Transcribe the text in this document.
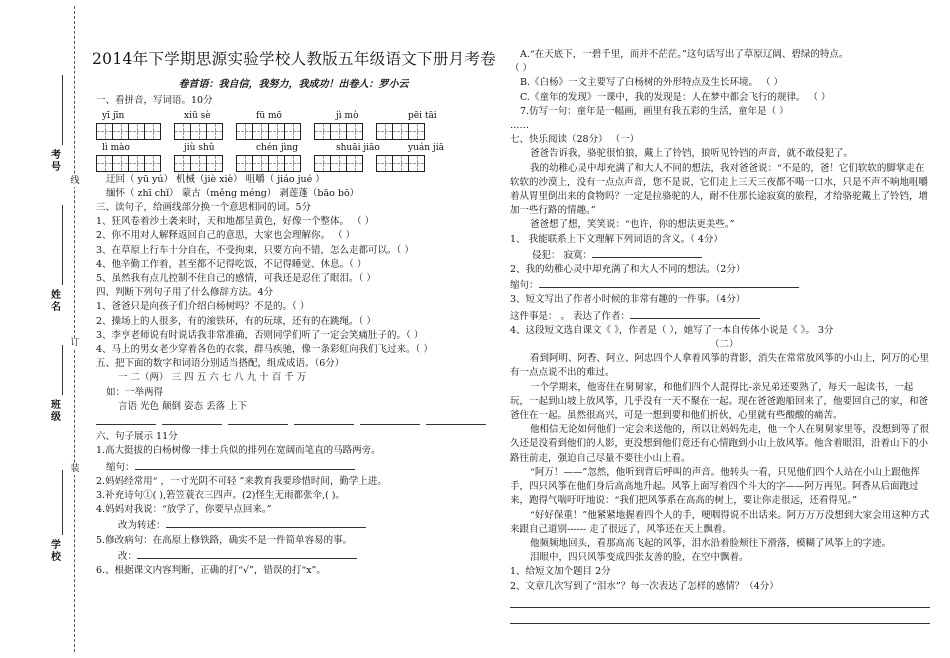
考号
姓名
班级
学校
线
订
装
2014年下学期思源实验学校人教版五年级语文下册月考卷
卷首语：我自信，我努力，我成功！出卷人：罗小云
一、看拼音，写词语。10分
yī jīn	xiū sè	fū mō	jì mò	pēi tāi
lì mào	jiù shǔ	chén jìng	shuāi jiāo	yuán jiā
迂回（ yū yú） 机械（jiè xiè） 咀嚼（ jiáo jué ）
缅怀（ zhī chǐ） 蒙古（měng méng） 剥莲蓬（bāo bō）
三、读句子，给画线部分换一个意思相同的词。5分
1、狂风卷着沙土袭来时，天和地都呈黄色，好像一个整体。 （ ）
2、你不用对人解释返回自己的意思，大家也会理解你。 （ ）
3、在草原上行车十分自在，不受拘束，只要方向不错，怎么走都可以。（ ）
4、他辛勤工作着，甚至都不记得吃饭，不记得睡觉、休息。（ ）
5、虽然我有点儿控制不住自己的感情，可我还是忍住了眼泪。（ ）
四、判断下列句子用了什么修辞方法。4分
1、爸爸只是向孩子们介绍白杨树吗？不是的。（ ）
2、操场上的人很多，有的滚铁环，有的玩球，还有的在跳绳。（ ）
3、李亨老师说有时说话我非常准确，否则同学们听了一定会笑痛肚子的。（ ）
4、马上的男女老少穿着各色的衣裳，群马疾驰，像一条彩虹向我们飞过来。（ ）
五、把下面的数字和词语分别适当搭配，组成成语。（6分）
一 二（两） 三 四 五 六 七 八 九 十 百 千 万
如：一举两得
言语 光色 颠倒 姿态 丢落 上下

六、句子展示 11分
1.高大挺拔的白杨树像一排士兵似的排列在宽阔而笔直的马路两旁。
缩句：
2.妈妈经常用“ ，一寸光阴不可轻 ”来教育我要珍惜时间，勤学上进。
3.补充诗句①( ),箬笠蓑衣三四声。(2)怪生无雨都张伞,( )。
4.妈妈对我说：“放学了，你要早点回来。”
改为转述：
5.修改病句：在高原上修铁路，确实不是一件简单容易的事。
改：
6.、根据课文内容判断，正确的打“√”，错误的打“x”。
A.“在天底下，一碧千里，而并不茫茫。”这句话写出了草原辽阔、碧绿的特点。
（ ）
B.《白杨》一文主要写了白杨树的外形特点及生长环境。 （ ）
C.《童年的发现》一课中，我的发现是：人在梦中都会飞行的规律。 （ ）
7.仿写一句：童年是一幅画，画里有我五彩的生活，童年是（ ）
……
七、快乐阅读（28分） （一）
爸爸告诉我，骆驼很怕狼，戴上了铃铛，狼听见铃铛的声音，就不敢侵犯了。
我的幼稚心灵中却充满了和大人不同的想法，我对爸爸说：“不是的，爸！它们软软的脚掌走在软软的沙漠上，没有一点点声音，您不是说，它们走上三天三夜都不喝一口水，只是不声不响地咀嚼着从胃里倒出来的食物吗？一定是拉骆驼的人，耐不住那长途寂寞的旅程，才给骆驼戴上了铃铛，增加一些行路的情趣。”
爸爸想了想，笑笑说：“也许，你的想法更美些。”
1、 我能联系上下文理解下列词语的含义。（ 4分）
侵犯： 寂寞：
2、我的幼稚心灵中却充满了和大人不同的想法。（2分）
缩句：
3、短文写出了作者小时候的非常有趣的一件事。（4分）
这件事是： 。 表达了作者：
4、这段短文选自课文《 》，作者是（ ），她写了一本自传体小说是《 》。 3分
（二）
看到阿明、阿香、阿立、阿忠四个人拿着风筝的背影，消失在常常放风筝的小山上，阿万的心里有一点点说不出的难过。
一个学期来，他寄住在舅舅家，和他们四个人混得比-亲兄弟还要熟了，每天一起读书，一起玩，一起到山坡上放风筝，几乎没有一天不聚在一起。现在爸爸跑船回来了，他要回自己的家，和爸爸住在一起。虽然很高兴，可是一想到要和他们折伙，心里就有些酸酸的痛苦。
他相信无论如何他们一定会来送他的，所以让妈妈先走，他一个人在舅舅家里等，没想到等了很久还是没看到他们的人影，更没想到他们竟还有心情跑到小山上放风筝。他含着眼泪，沿着山下的小路往前走，强迫自己尽量不要往小山上看。
“阿万！——”忽然，他听到背后呼叫的声音。他转头一看，只见他们四个人站在小山上跟他挥手，四只风筝在他们身后高高地升起。风筝上面写着四个斗大的字——阿万再见。阿香从后面跑过来，跑得气喘吁吁地说：“我们把风筝系在高高的树上，要让你走很远，还看得见。”
“好好保重！”他紧紧地握着四个人的手，哽咽得说不出话来。阿万万万没想到大家会用这种方式来跟自己道别------ 走了很远了，风筝还在天上飘着。
他频频地回头，看那高高飞起的风筝，泪水沿着脸颊往下滑落，模糊了风筝上的字迹。
泪眼中，四只风筝变成四张友善的脸，在空中飘着。
1、给短文加个题目 2分
2、文章几次写到了“泪水”？每一次表达了怎样的感情？（4分）
